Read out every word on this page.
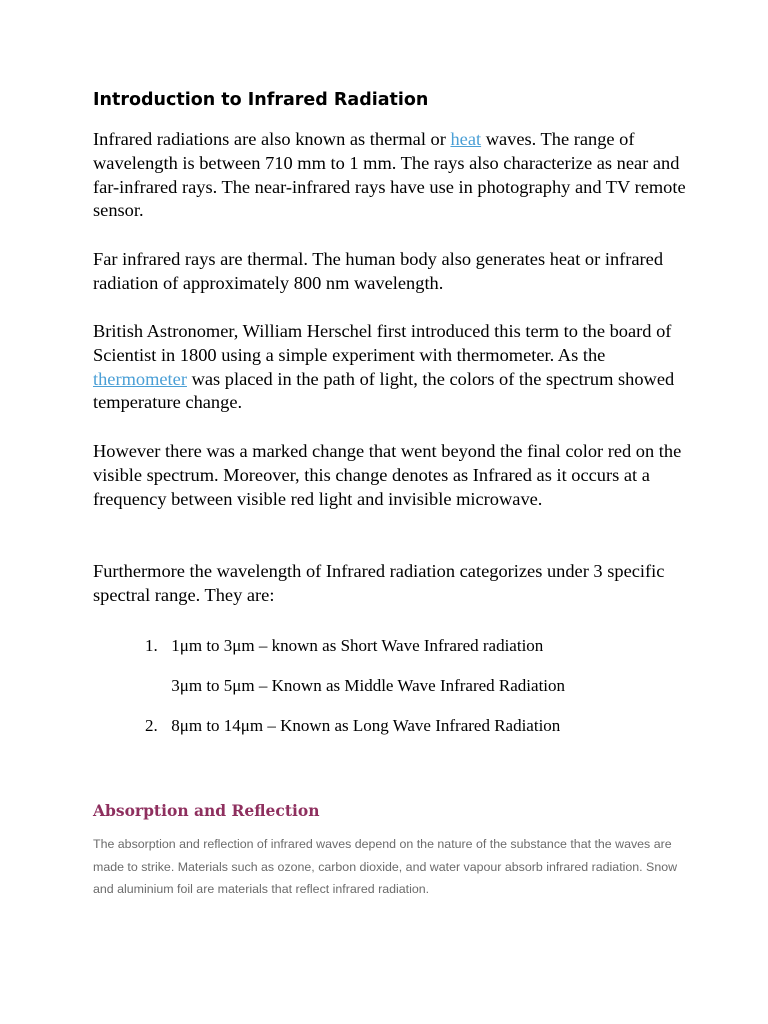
Introduction to Infrared Radiation

Infrared radiations are also known as thermal or heat waves. The range of wavelength is between 710 mm to 1 mm. The rays also characterize as near and far-infrared rays. The near-infrared rays have use in photography and TV remote sensor.

Far infrared rays are thermal. The human body also generates heat or infrared radiation of approximately 800 nm wavelength.

British Astronomer, William Herschel first introduced this term to the board of Scientist in 1800 using a simple experiment with thermometer. As the thermometer was placed in the path of light, the colors of the spectrum showed temperature change.

However there was a marked change that went beyond the final color red on the visible spectrum. Moreover, this change denotes as Infrared as it occurs at a frequency between visible red light and invisible microwave.

Furthermore the wavelength of Infrared radiation categorizes under 3 specific spectral range. They are:

1. 1μm to 3μm – known as Short Wave Infrared radiation
3μm to 5μm – Known as Middle Wave Infrared Radiation
2. 8μm to 14μm – Known as Long Wave Infrared Radiation
Absorption and Reflection

The absorption and reflection of infrared waves depend on the nature of the substance that the waves are made to strike. Materials such as ozone, carbon dioxide, and water vapour absorb infrared radiation. Snow and aluminium foil are materials that reflect infrared radiation.
